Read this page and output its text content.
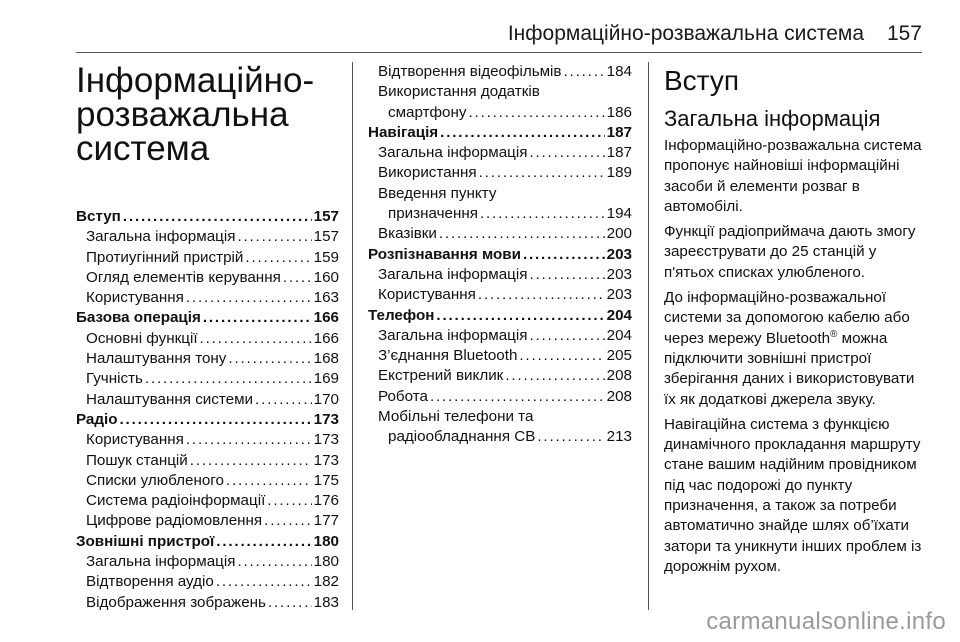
Інформаційно-розважальна система 157
Інформаційно-
розважальна
система
Вступ . . .	157
Загальна інформація . . .	157
Протиугінний пристрій . . .	159
Огляд елементів керування . . . 160
Користування . . .	163
Базова операція . . .	166
Основні функції . . .	166
Налаштування тону . . .	168
Гучність . . .	169
Налаштування системи . . .	170
Радіо . . .	173
Користування . . .	173
Пошук станцій . . .	173
Списки улюбленого . . .	175
Система радіоінформації . . .	176
Цифрове радіомовлення . . .	177
Зовнішні пристрої . . .	180
Загальна інформація . . .	180
Відтворення аудіо . . .	182
Відображення зображень . . .	183
Відтворення відеофільмів . . .	184
Використання додатків
смартфону . . .	186
Навігація . . .	187
Загальна інформація . . .	187
Використання . . .	189
Введення пункту
призначення . . .	194
Вказівки . . .	200
Розпізнавання мови . . .	203
Загальна інформація . . .	203
Користування . . .	203
Телефон . . .	204
Загальна інформація . . .	204
З’єднання Bluetooth . . .	205
Екстрений виклик . . .	208
Робота . . .	208
Мобільні телефони та
радіообладнання CB . . .	213
Вступ
Загальна інформація

Інформаційно-розважальна система пропонує найновіші інформаційні засоби й елементи розваг в автомобілі.

Функції радіоприймача дають змогу зареєструвати до 25 станцій у п'ятьох списках улюбленого.

До інформаційно-розважальної системи за допомогою кабелю або через мережу Bluetooth® можна підключити зовнішні пристрої зберігання даних і використовувати їх як додаткові джерела звуку.

Навігаційна система з функцією динамічного прокладання маршруту стане вашим надійним провідником під час подорожі до пункту призначення, а також за потреби автоматично знайде шлях об’їхати затори та уникнути інших проблем із дорожнім рухом.

carmanualsonline.info
